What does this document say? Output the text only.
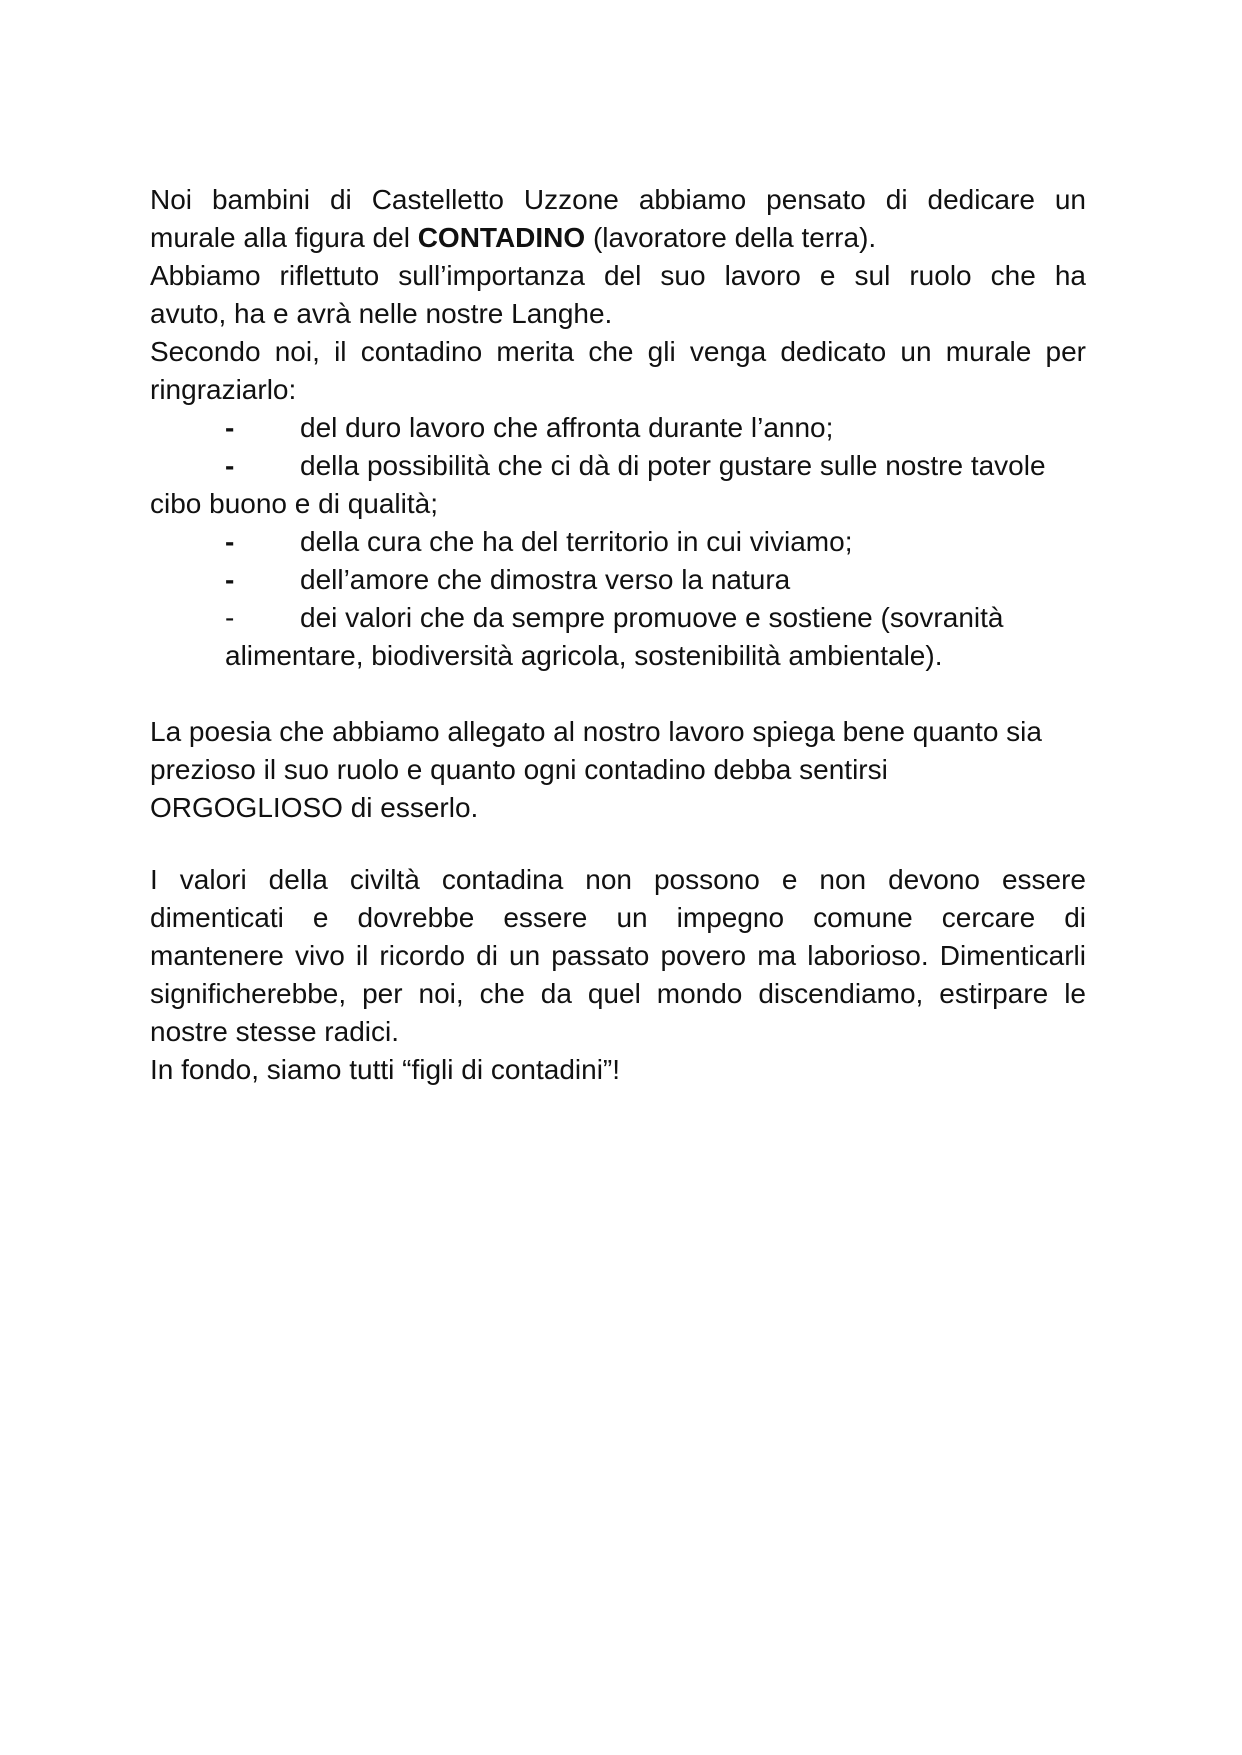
Noi bambini di Castelletto Uzzone abbiamo pensato di dedicare un
murale alla figura del CONTADINO (lavoratore della terra).
Abbiamo riflettuto sull’importanza del suo lavoro e sul ruolo che ha
avuto, ha e avrà nelle nostre Langhe.
Secondo noi, il contadino merita che gli venga dedicato un murale per
ringraziarlo:
- del duro lavoro che affronta durante l’anno;
- della possibilità che ci dà di poter gustare sulle nostre tavole
cibo buono e di qualità;
- della cura che ha del territorio in cui viviamo;
- dell’amore che dimostra verso la natura
- dei valori che da sempre promuove e sostiene (sovranità
alimentare, biodiversità agricola, sostenibilità ambientale).
La poesia che abbiamo allegato al nostro lavoro spiega bene quanto sia
prezioso il suo ruolo e quanto ogni contadino debba sentirsi
ORGOGLIOSO di esserlo.
I valori della civiltà contadina non possono e non devono essere
dimenticati e dovrebbe essere un impegno comune cercare di
mantenere vivo il ricordo di un passato povero ma laborioso. Dimenticarli
significherebbe, per noi, che da quel mondo discendiamo, estirpare le
nostre stesse radici.
In fondo, siamo tutti “figli di contadini”!
